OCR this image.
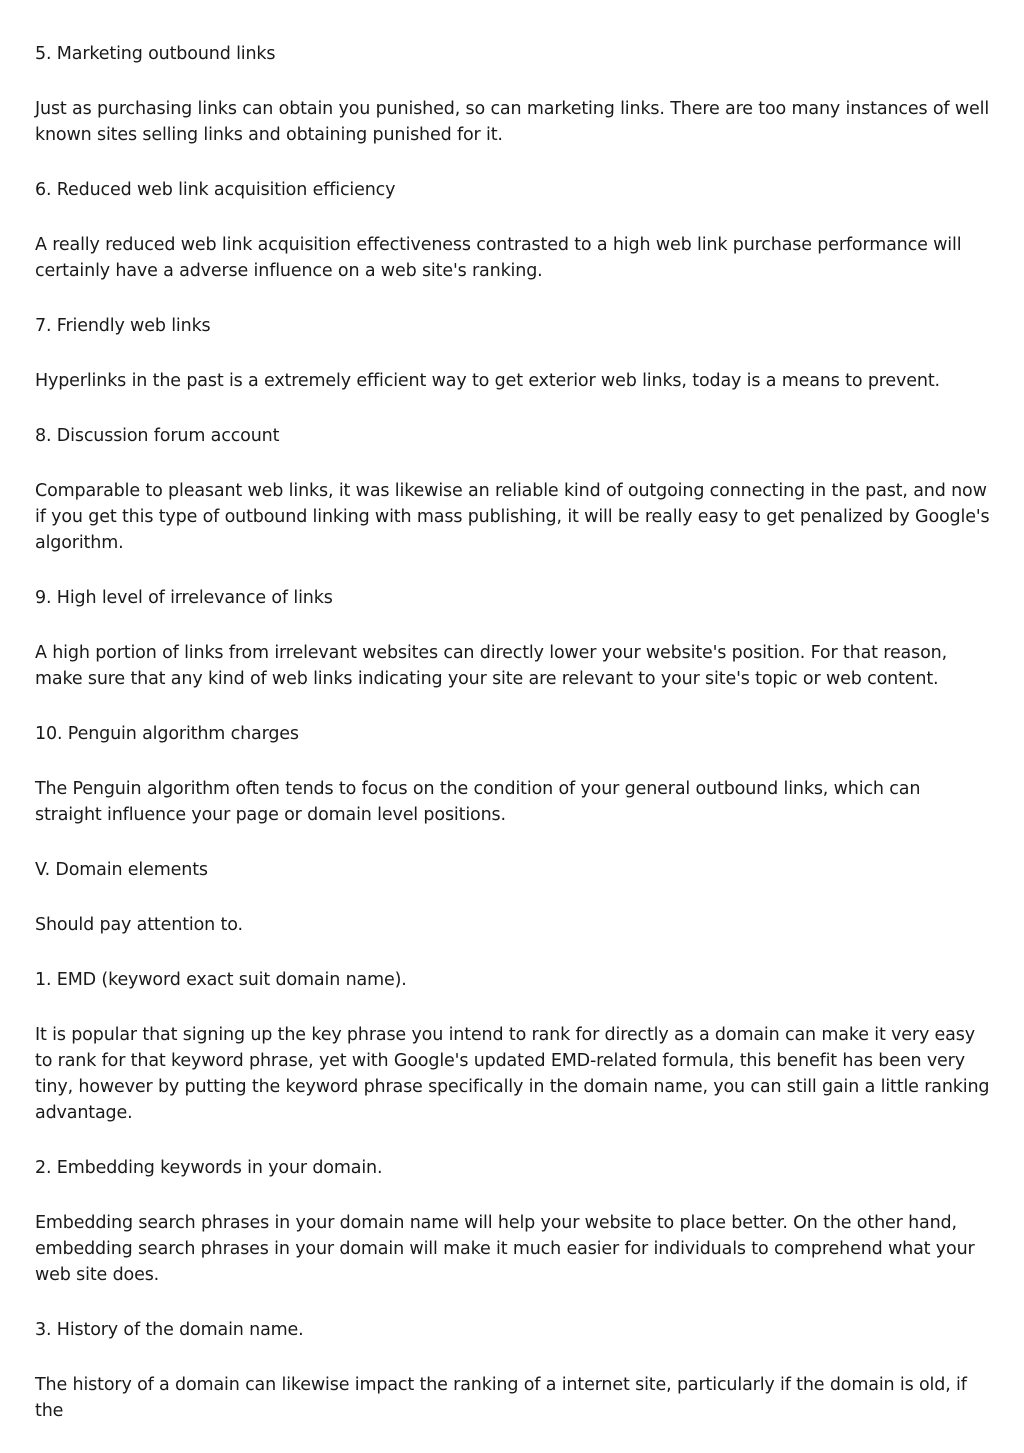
5. Marketing outbound links

Just as purchasing links can obtain you punished, so can marketing links. There are too many instances of well known sites selling links and obtaining punished for it.

6. Reduced web link acquisition efficiency

A really reduced web link acquisition effectiveness contrasted to a high web link purchase performance will certainly have a adverse influence on a web site's ranking.

7. Friendly web links

Hyperlinks in the past is a extremely efficient way to get exterior web links, today is a means to prevent.

8. Discussion forum account

Comparable to pleasant web links, it was likewise an reliable kind of outgoing connecting in the past, and now if you get this type of outbound linking with mass publishing, it will be really easy to get penalized by Google's algorithm.

9. High level of irrelevance of links

A high portion of links from irrelevant websites can directly lower your website's position. For that reason, make sure that any kind of web links indicating your site are relevant to your site's topic or web content.

10. Penguin algorithm charges

The Penguin algorithm often tends to focus on the condition of your general outbound links, which can straight influence your page or domain level positions.

V. Domain elements

Should pay attention to.

1. EMD (keyword exact suit domain name).

It is popular that signing up the key phrase you intend to rank for directly as a domain can make it very easy to rank for that keyword phrase, yet with Google's updated EMD-related formula, this benefit has been very tiny, however by putting the keyword phrase specifically in the domain name, you can still gain a little ranking advantage.

2. Embedding keywords in your domain.

Embedding search phrases in your domain name will help your website to place better. On the other hand, embedding search phrases in your domain will make it much easier for individuals to comprehend what your web site does.

3. History of the domain name.

The history of a domain can likewise impact the ranking of a internet site, particularly if the domain is old, if the
